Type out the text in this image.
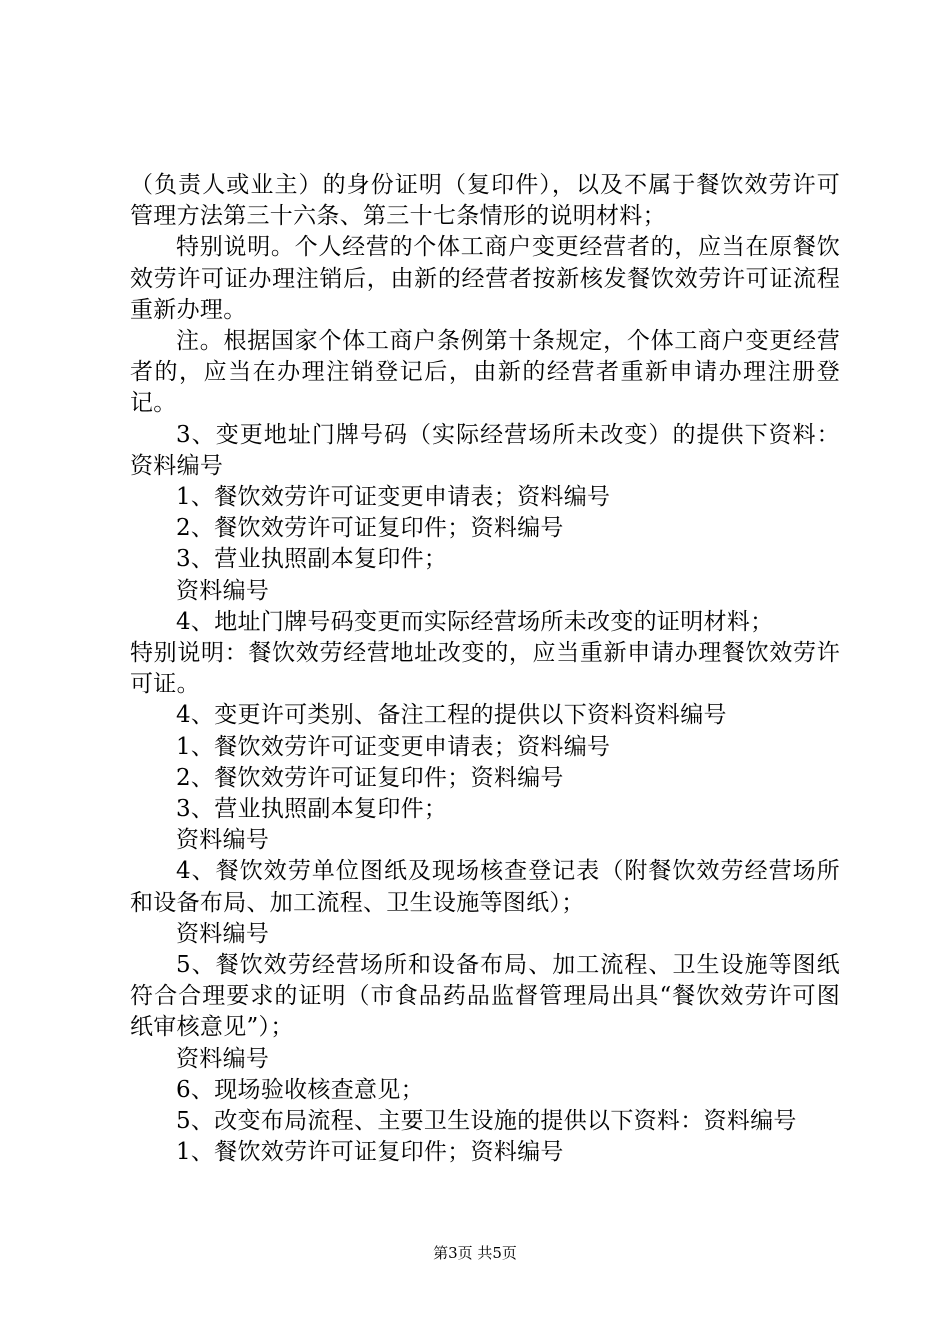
（负责人或业主）的身份证明（复印件），以及不属于餐饮效劳许可管理方法第三十六条、第三十七条情形的说明材料；

特别说明。个人经营的个体工商户变更经营者的，应当在原餐饮效劳许可证办理注销后，由新的经营者按新核发餐饮效劳许可证流程重新办理。

注。根据国家个体工商户条例第十条规定，个体工商户变更经营者的，应当在办理注销登记后，由新的经营者重新申请办理注册登记。

3、变更地址门牌号码（实际经营场所未改变）的提供下资料：资料编号

1、餐饮效劳许可证变更申请表；资料编号

2、餐饮效劳许可证复印件；资料编号

3、营业执照副本复印件；

资料编号

4、地址门牌号码变更而实际经营场所未改变的证明材料；

特别说明：餐饮效劳经营地址改变的，应当重新申请办理餐饮效劳许可证。

4、变更许可类别、备注工程的提供以下资料资料编号

1、餐饮效劳许可证变更申请表；资料编号

2、餐饮效劳许可证复印件；资料编号

3、营业执照副本复印件；

资料编号

4、餐饮效劳单位图纸及现场核查登记表（附餐饮效劳经营场所和设备布局、加工流程、卫生设施等图纸）；

资料编号

5、餐饮效劳经营场所和设备布局、加工流程、卫生设施等图纸符合合理要求的证明（市食品药品监督管理局出具“餐饮效劳许可图纸审核意见”）；

资料编号

6、现场验收核查意见；

5、改变布局流程、主要卫生设施的提供以下资料：资料编号

1、餐饮效劳许可证复印件；资料编号

第3页 共5页
